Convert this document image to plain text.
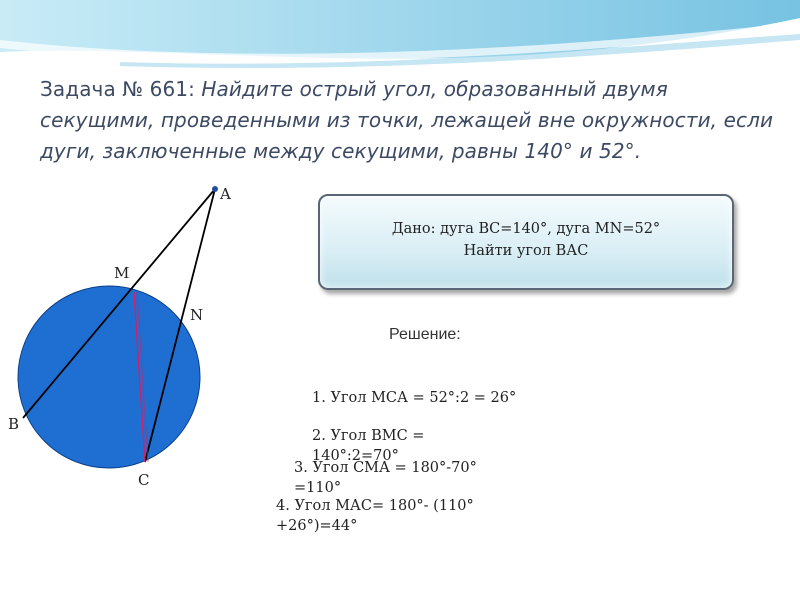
Задача № 661: Найдите острый угол, образованный двумя секущими, проведенными из точки, лежащей вне окружности, если дуги, заключенные между секущими, равны 140° и 52°.
A
M
N
B
C
Дано: дуга ВС=140°, дуга МN=52°
Найти угол ВАС
Решение:
1. Угол МСА = 52°:2 = 26°
2. Угол ВМС = 140°:2=70°
3. Угол СМА = 180°-70° =110°
4. Угол МАС= 180°- (110° +26°)=44°
